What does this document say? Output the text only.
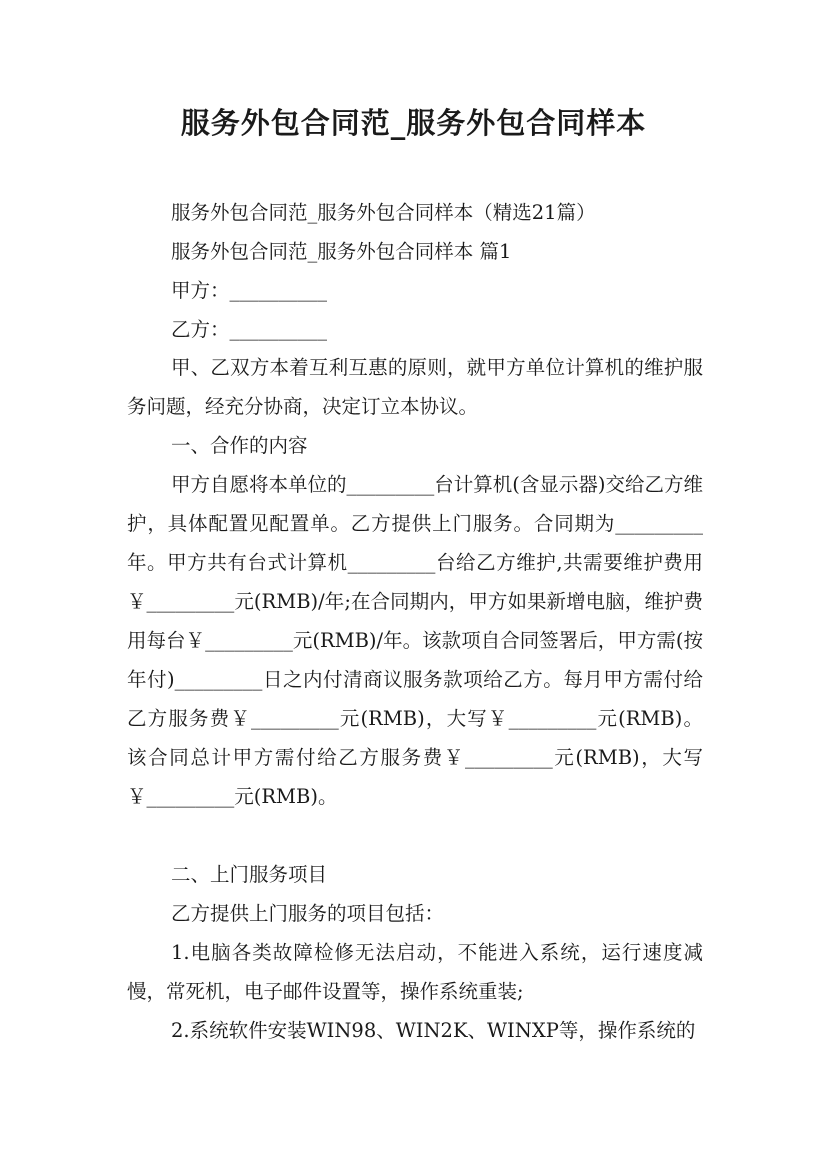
服务外包合同范_服务外包合同样本
服务外包合同范_服务外包合同样本（精选21篇）
服务外包合同范_服务外包合同样本 篇1
甲方：__________
乙方：__________
甲、乙双方本着互利互惠的原则，就甲方单位计算机的维护服务问题，经充分协商，决定订立本协议。
一、合作的内容
甲方自愿将本单位的_________台计算机(含显示器)交给乙方维护，具体配置见配置单。乙方提供上门服务。合同期为_________年。甲方共有台式计算机_________台给乙方维护,共需要维护费用￥_________元(RMB)/年;在合同期内，甲方如果新增电脑，维护费用每台￥_________元(RMB)/年。该款项自合同签署后，甲方需(按年付)_________日之内付清商议服务款项给乙方。每月甲方需付给乙方服务费￥_________元(RMB)，大写￥_________元(RMB)。该合同总计甲方需付给乙方服务费￥_________元(RMB)，大写￥_________元(RMB)。
二、上门服务项目
乙方提供上门服务的项目包括：
1.电脑各类故障检修无法启动，不能进入系统，运行速度减慢，常死机，电子邮件设置等，操作系统重装;
2.系统软件安装WIN98、WIN2K、WINXP等，操作系统的
